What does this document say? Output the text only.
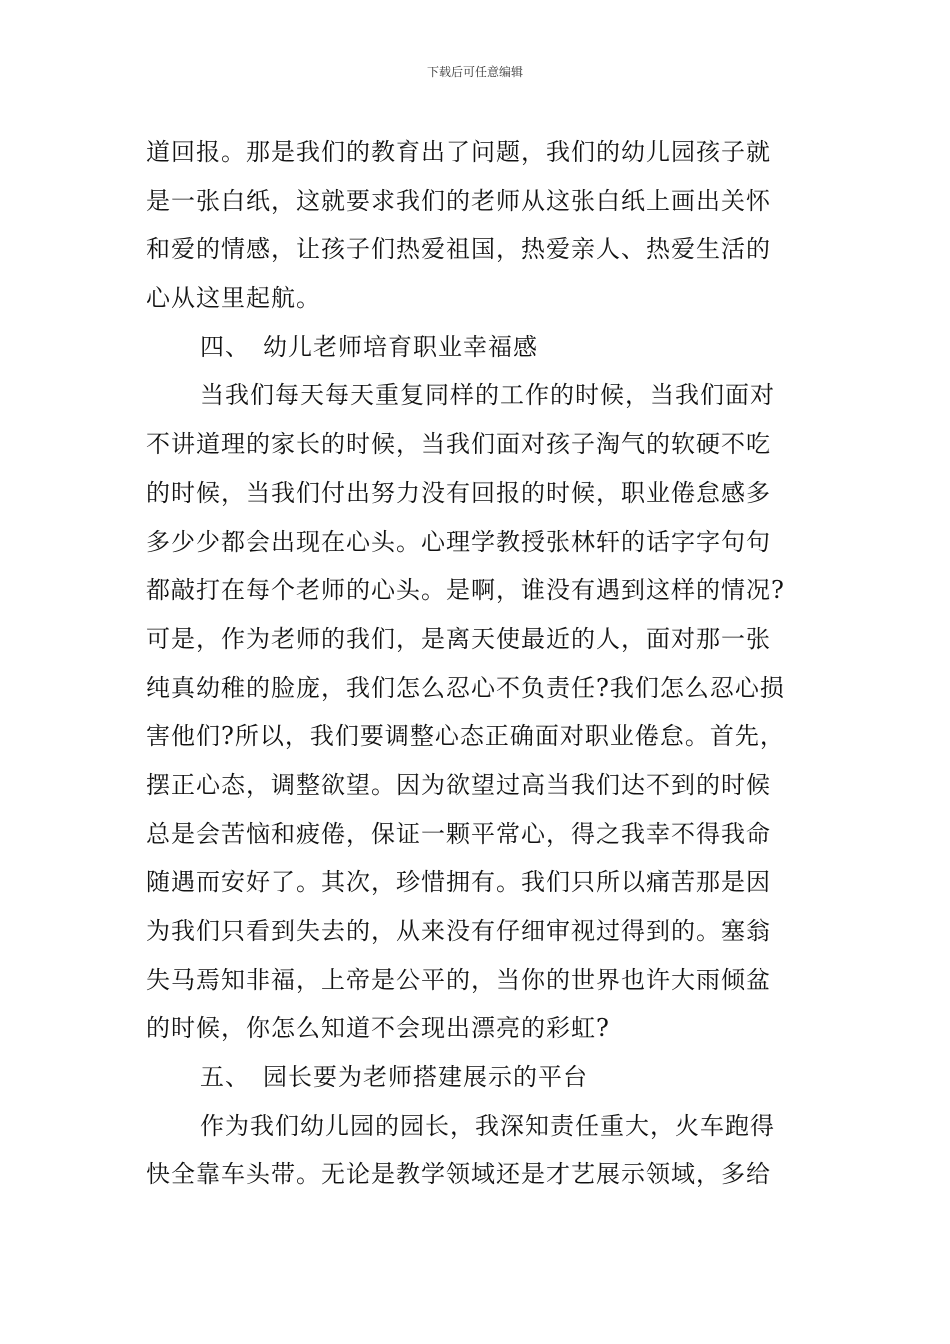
下载后可任意编辑
道回报。那是我们的教育出了问题，我们的幼儿园孩子就
是一张白纸，这就要求我们的老师从这张白纸上画出关怀
和爱的情感，让孩子们热爱祖国，热爱亲人、热爱生活的
心从这里起航。
四、　幼儿老师培育职业幸福感
当我们每天每天重复同样的工作的时候，当我们面对
不讲道理的家长的时候，当我们面对孩子淘气的软硬不吃
的时候，当我们付出努力没有回报的时候，职业倦怠感多
多少少都会出现在心头。心理学教授张林轩的话字字句句
都敲打在每个老师的心头。是啊，谁没有遇到这样的情况?
可是，作为老师的我们，是离天使最近的人，面对那一张
纯真幼稚的脸庞，我们怎么忍心不负责任?我们怎么忍心损
害他们?所以，我们要调整心态正确面对职业倦怠。首先，
摆正心态，调整欲望。因为欲望过高当我们达不到的时候
总是会苦恼和疲倦，保证一颗平常心，得之我幸不得我命
随遇而安好了。其次，珍惜拥有。我们只所以痛苦那是因
为我们只看到失去的，从来没有仔细审视过得到的。塞翁
失马焉知非福，上帝是公平的，当你的世界也许大雨倾盆
的时候，你怎么知道不会现出漂亮的彩虹?
五、　园长要为老师搭建展示的平台
作为我们幼儿园的园长，我深知责任重大，火车跑得
快全靠车头带。无论是教学领域还是才艺展示领域，多给
